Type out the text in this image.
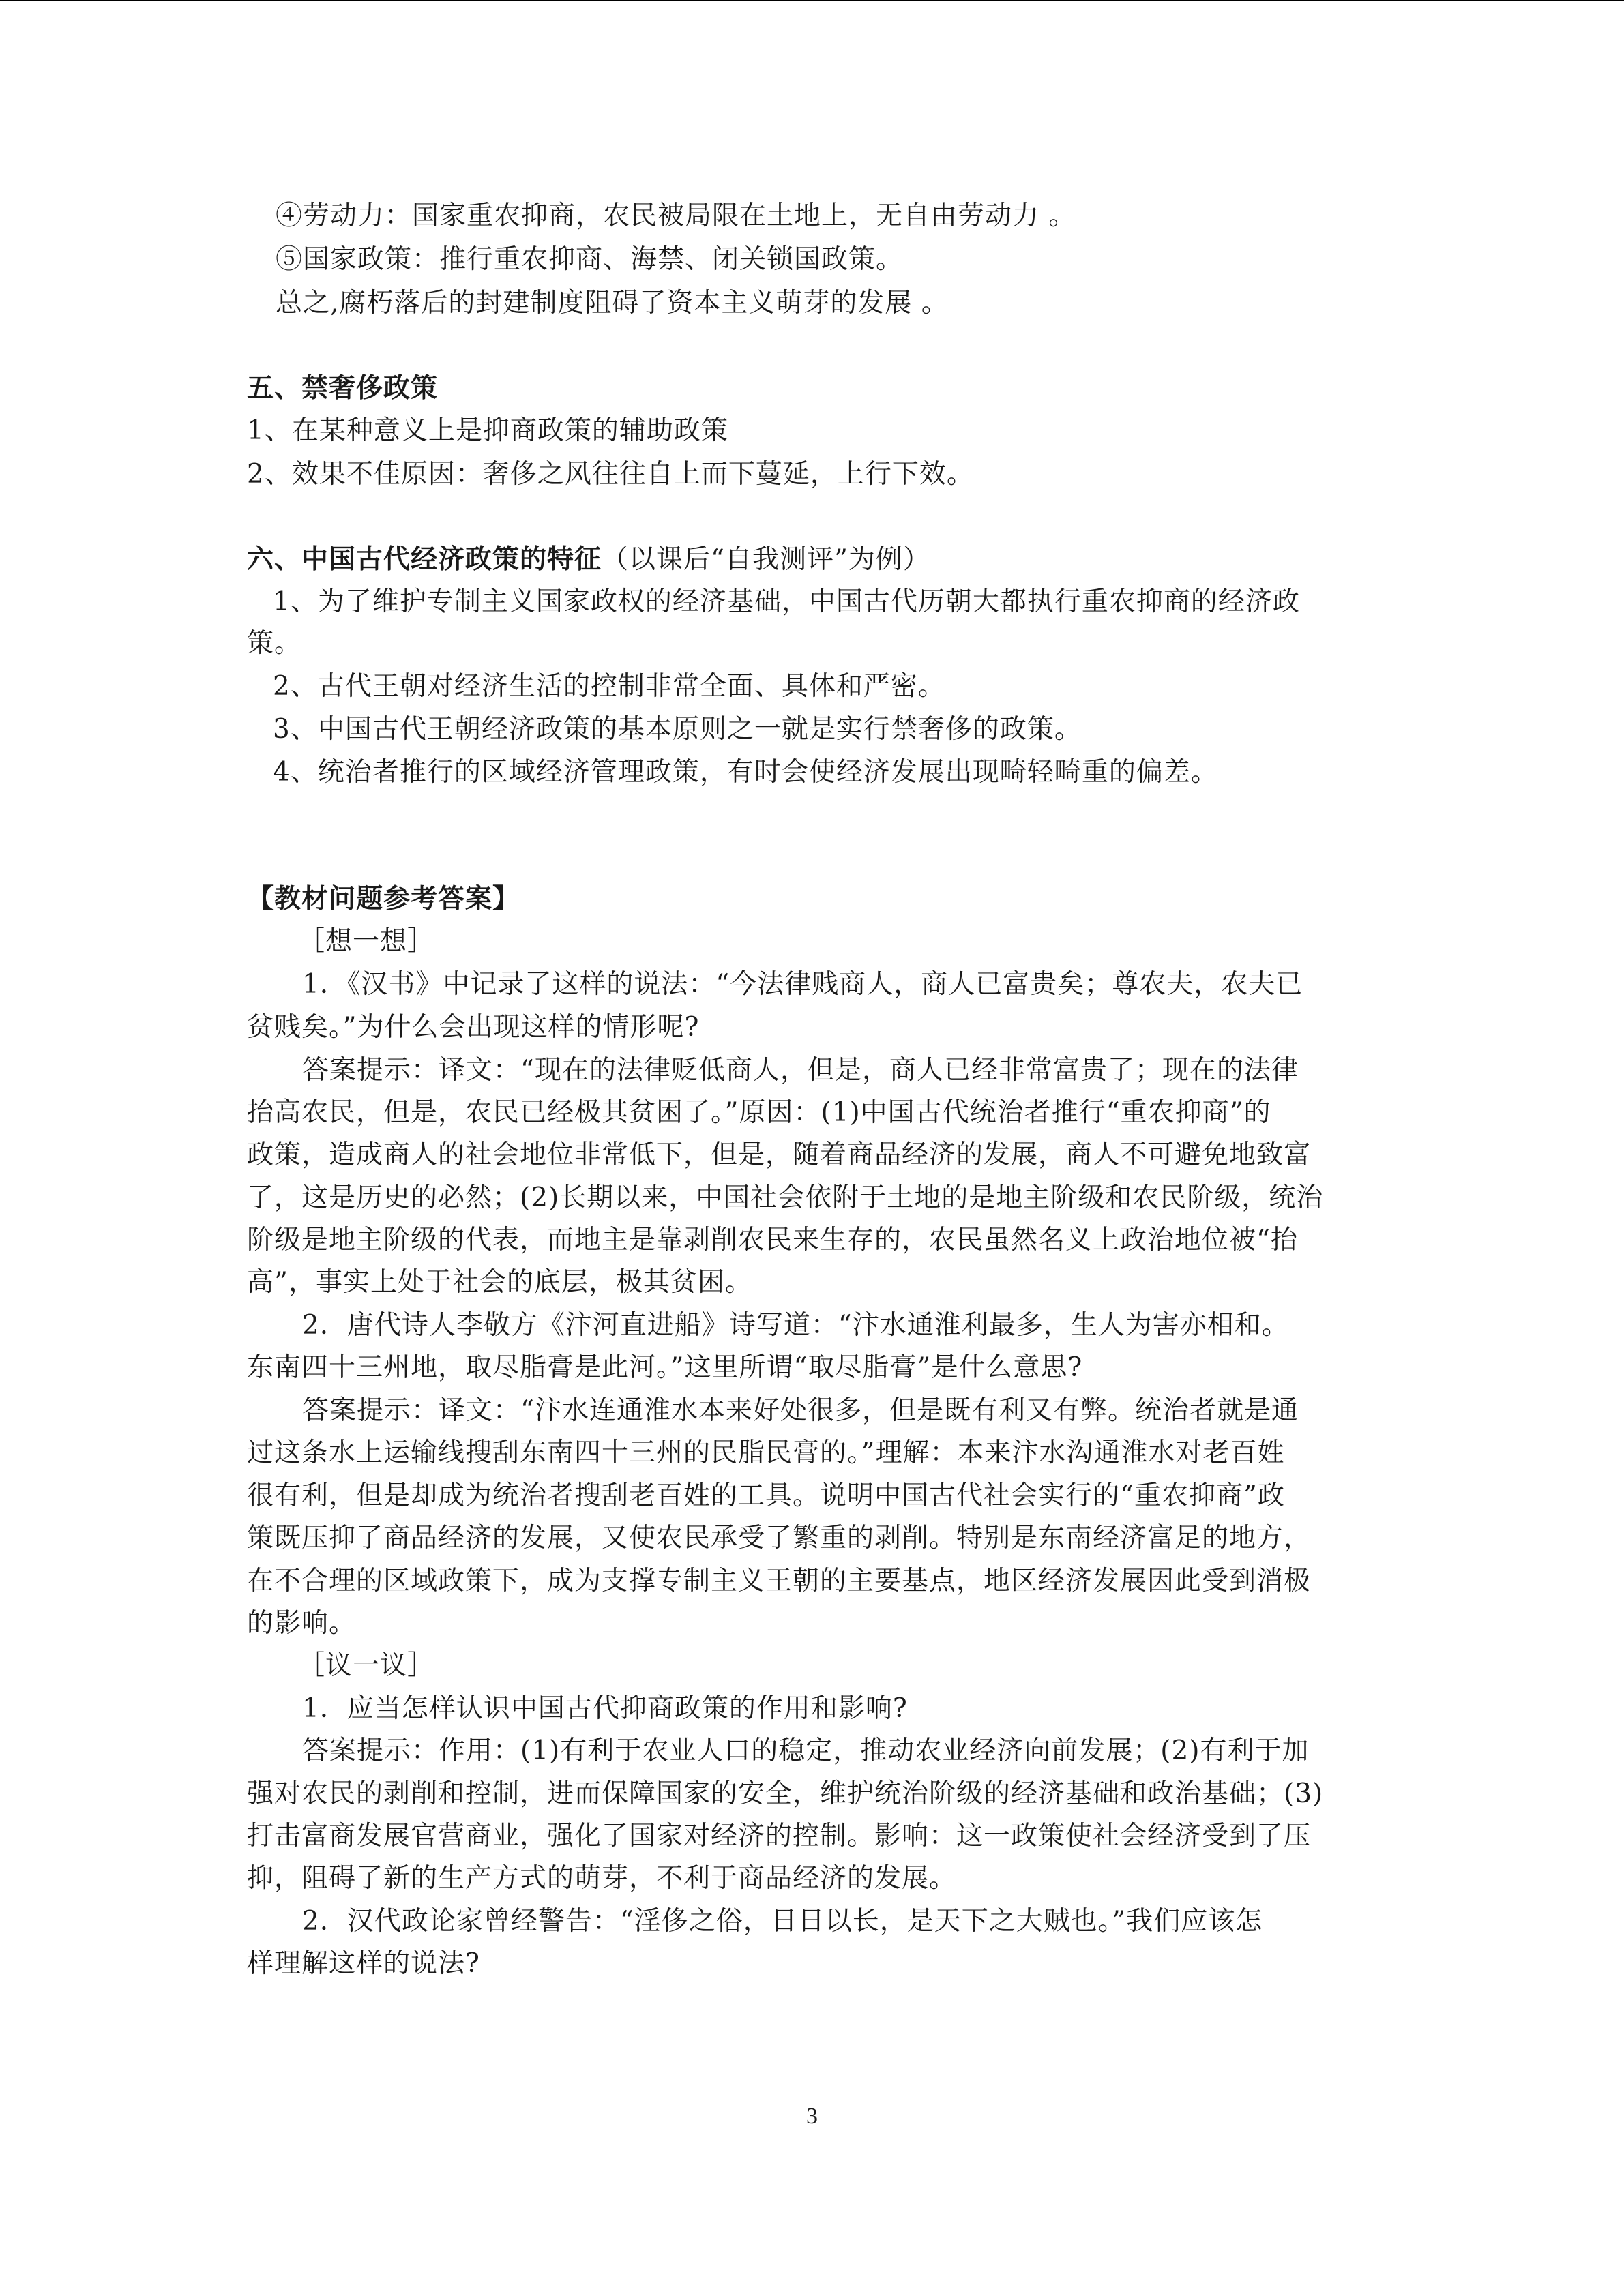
④劳动力：国家重农抑商，农民被局限在土地上，无自由劳动力 。
⑤国家政策：推行重农抑商、海禁、闭关锁国政策。
总之,腐朽落后的封建制度阻碍了资本主义萌芽的发展 。
五、禁奢侈政策
1、在某种意义上是抑商政策的辅助政策
2、效果不佳原因：奢侈之风往往自上而下蔓延，上行下效。
六、中国古代经济政策的特征（以课后“自我测评”为例）
1、为了维护专制主义国家政权的经济基础，中国古代历朝大都执行重农抑商的经济政
策。
2、古代王朝对经济生活的控制非常全面、具体和严密。
3、中国古代王朝经济政策的基本原则之一就是实行禁奢侈的政策。
4、统治者推行的区域经济管理政策，有时会使经济发展出现畸轻畸重的偏差。
【教材问题参考答案】
［想一想］
1．《汉书》中记录了这样的说法：“今法律贱商人，商人已富贵矣；尊农夫，农夫已
贫贱矣。”为什么会出现这样的情形呢?
答案提示：译文：“现在的法律贬低商人，但是，商人已经非常富贵了；现在的法律
抬高农民，但是，农民已经极其贫困了。”原因：(1)中国古代统治者推行“重农抑商”的
政策，造成商人的社会地位非常低下，但是，随着商品经济的发展，商人不可避免地致富
了，这是历史的必然；(2)长期以来，中国社会依附于土地的是地主阶级和农民阶级，统治
阶级是地主阶级的代表，而地主是靠剥削农民来生存的，农民虽然名义上政治地位被“抬
高”，事实上处于社会的底层，极其贫困。
2．唐代诗人李敬方《汴河直进船》诗写道：“汴水通淮利最多，生人为害亦相和。
东南四十三州地，取尽脂膏是此河。”这里所谓“取尽脂膏”是什么意思?
答案提示：译文：“汴水连通淮水本来好处很多，但是既有利又有弊。统治者就是通
过这条水上运输线搜刮东南四十三州的民脂民膏的。”理解：本来汴水沟通淮水对老百姓
很有利，但是却成为统治者搜刮老百姓的工具。说明中国古代社会实行的“重农抑商”政
策既压抑了商品经济的发展，又使农民承受了繁重的剥削。特别是东南经济富足的地方，
在不合理的区域政策下，成为支撑专制主义王朝的主要基点，地区经济发展因此受到消极
的影响。
［议一议］
1．应当怎样认识中国古代抑商政策的作用和影响?
答案提示：作用：(1)有利于农业人口的稳定，推动农业经济向前发展；(2)有利于加
强对农民的剥削和控制，进而保障国家的安全，维护统治阶级的经济基础和政治基础；(3)
打击富商发展官营商业，强化了国家对经济的控制。影响：这一政策使社会经济受到了压
抑，阻碍了新的生产方式的萌芽，不利于商品经济的发展。
2．汉代政论家曾经警告：“淫侈之俗，日日以长，是天下之大贼也。”我们应该怎
样理解这样的说法?
3
